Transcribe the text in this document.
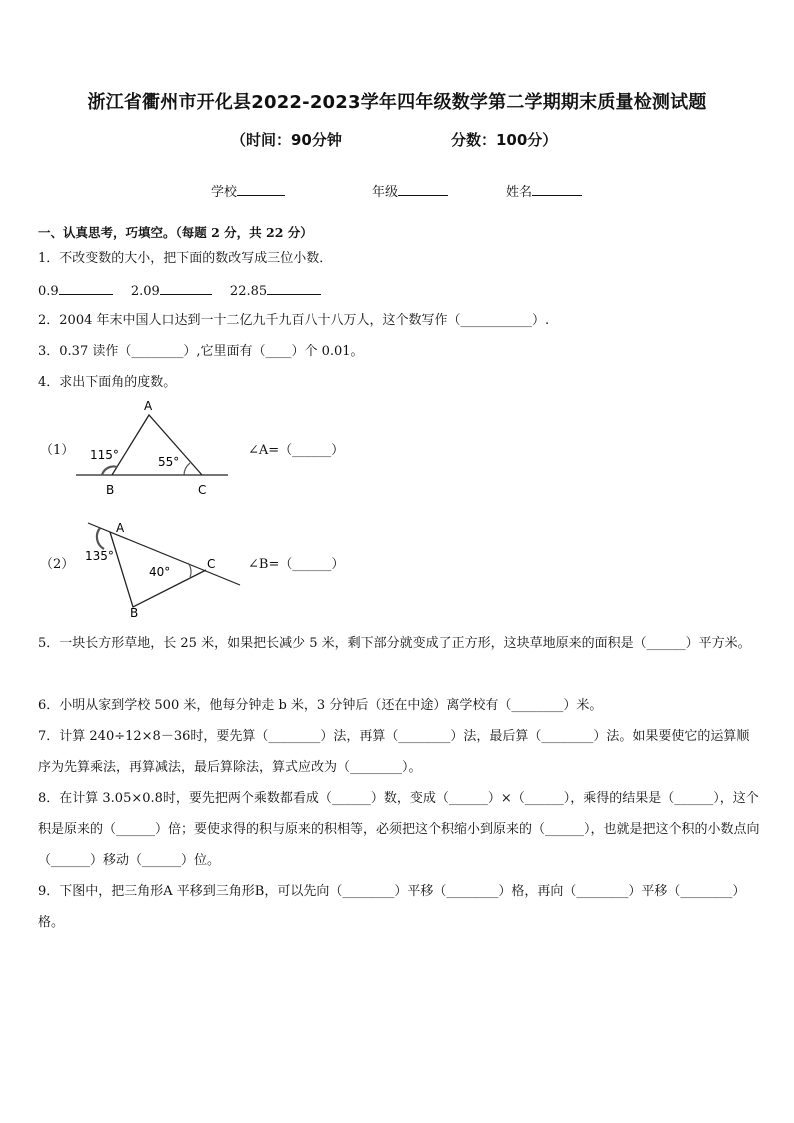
浙江省衢州市开化县2022-2023学年四年级数学第二学期期末质量检测试题
（时间：90分钟	分数：100分）
学校	年级	姓名
一、认真思考，巧填空。（每题 2 分，共 22 分）
1．不改变数的大小，把下面的数改写成三位小数．
0.9	2.09	22.85
2．2004 年末中国人口达到一十二亿九千九百八十八万人，这个数写作（___________）.
3．0.37 读作（________）,它里面有（____）个 0.01。
4．求出下面角的度数。
（1）
A
B	C
115°	55°
∠A=（______）
（2）
A
B
C
135°
40°	∠B=（______）
5．一块长方形草地，长 25 米，如果把长减少 5 米，剩下部分就变成了正方形，这块草地原来的面积是（______）平方米。
6．小明从家到学校 500 米，他每分钟走 b 米，3 分钟后（还在中途）离学校有（________）米。
7．计算 240÷12×8－36时，要先算（________）法，再算（________）法，最后算（________）法。如果要使它的运算顺序为先算乘法，再算减法，最后算除法，算式应改为（________）。
8．在计算 3.05×0.8时，要先把两个乘数都看成（______）数，变成（______）×（______），乘得的结果是（______），这个积是原来的（______）倍；要使求得的积与原来的积相等，必须把这个积缩小到原来的（______），也就是把这个积的小数点向（______）移动（______）位。
9．下图中，把三角形A 平移到三角形B，可以先向（________）平移（________）格，再向（________）平移（________）格。
